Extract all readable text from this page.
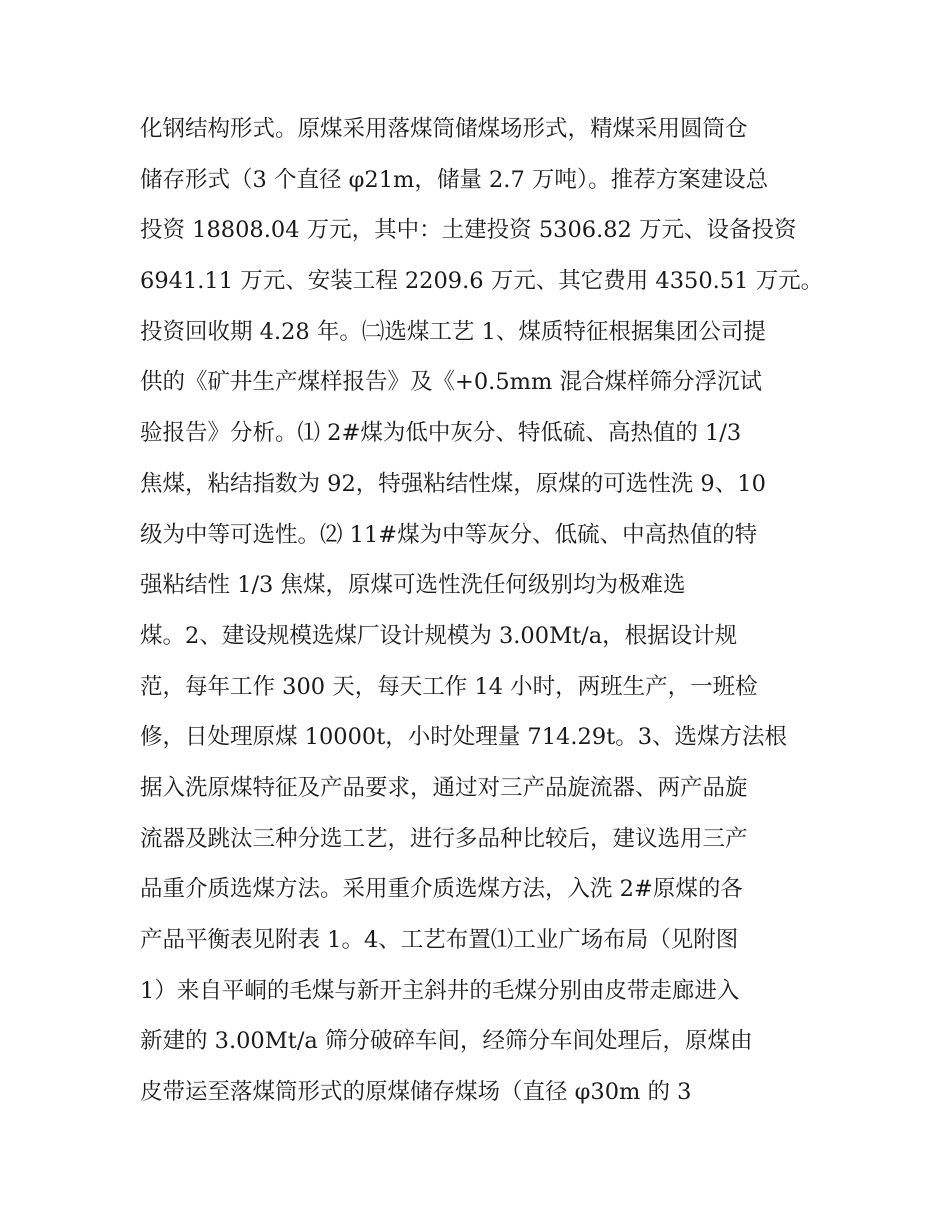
化钢结构形式。原煤采用落煤筒储煤场形式，精煤采用圆筒仓
储存形式（3 个直径 φ21m，储量 2.7 万吨）。推荐方案建设总
投资 18808.04 万元，其中：土建投资 5306.82 万元、设备投资
6941.11 万元、安装工程 2209.6 万元、其它费用 4350.51 万元。
投资回收期 4.28 年。㈡选煤工艺 1、煤质特征根据集团公司提
供的《矿井生产煤样报告》及《+0.5mm 混合煤样筛分浮沉试
验报告》分析。⑴ 2#煤为低中灰分、特低硫、高热值的 1/3
焦煤，粘结指数为 92，特强粘结性煤，原煤的可选性洗 9、10
级为中等可选性。⑵ 11#煤为中等灰分、低硫、中高热值的特
强粘结性 1/3 焦煤，原煤可选性洗任何级别均为极难选
煤。2、建设规模选煤厂设计规模为 3.00Mt/a，根据设计规
范，每年工作 300 天，每天工作 14 小时，两班生产，一班检
修，日处理原煤 10000t，小时处理量 714.29t。3、选煤方法根
据入洗原煤特征及产品要求，通过对三产品旋流器、两产品旋
流器及跳汰三种分选工艺，进行多品种比较后，建议选用三产
品重介质选煤方法。采用重介质选煤方法，入洗 2#原煤的各
产品平衡表见附表 1。4、工艺布置⑴工业广场布局（见附图
1）来自平峒的毛煤与新开主斜井的毛煤分别由皮带走廊进入
新建的 3.00Mt/a 筛分破碎车间，经筛分车间处理后，原煤由
皮带运至落煤筒形式的原煤储存煤场（直径 φ30m 的 3
